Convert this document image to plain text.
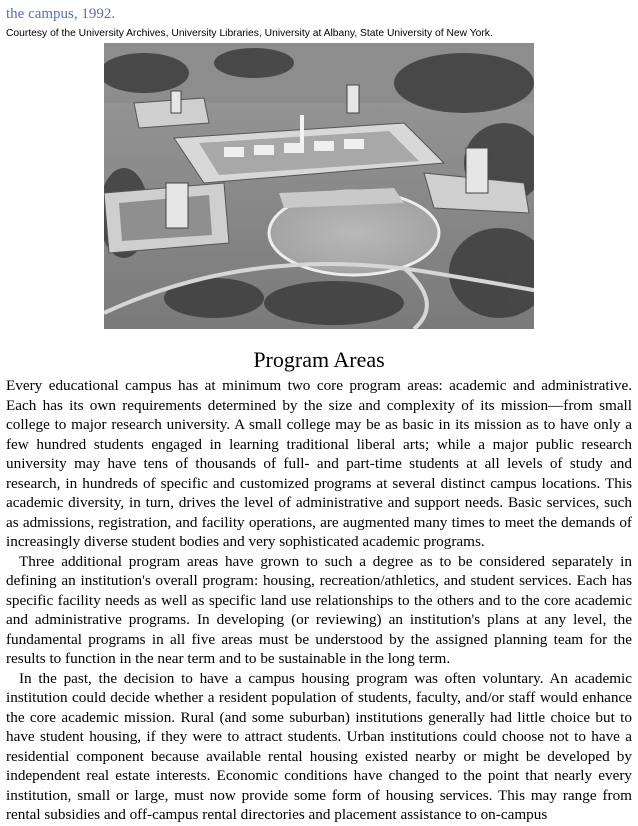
the campus, 1992.
Courtesy of the University Archives, University Libraries, University at Albany, State University of New York.
Program Areas

Every educational campus has at minimum two core program areas: academic and administrative. Each has its own requirements determined by the size and complexity of its mission—from small college to major research university. A small college may be as basic in its mission as to have only a few hundred students engaged in learning traditional liberal arts; while a major public research university may have tens of thousands of full- and part-time students at all levels of study and research, in hundreds of specific and customized programs at several distinct campus locations. This academic diversity, in turn, drives the level of administrative and support needs. Basic services, such as admissions, registration, and facility operations, are augmented many times to meet the demands of increasingly diverse student bodies and very sophisticated academic programs.

Three additional program areas have grown to such a degree as to be considered separately in defining an institution's overall program: housing, recreation/athletics, and student services. Each has specific facility needs as well as specific land use relationships to the others and to the core academic and administrative programs. In developing (or reviewing) an institution's plans at any level, the fundamental programs in all five areas must be understood by the assigned planning team for the results to function in the near term and to be sustainable in the long term.

In the past, the decision to have a campus housing program was often voluntary. An academic institution could decide whether a resident population of students, faculty, and/or staff would enhance the core academic mission. Rural (and some suburban) institutions generally had little choice but to have student housing, if they were to attract students. Urban institutions could choose not to have a residential component because available rental housing existed nearby or might be developed by independent real estate interests. Economic conditions have changed to the point that nearly every institution, small or large, must now provide some form of housing services. This may range from rental subsidies and off-campus rental directories and placement assistance to on-campus
